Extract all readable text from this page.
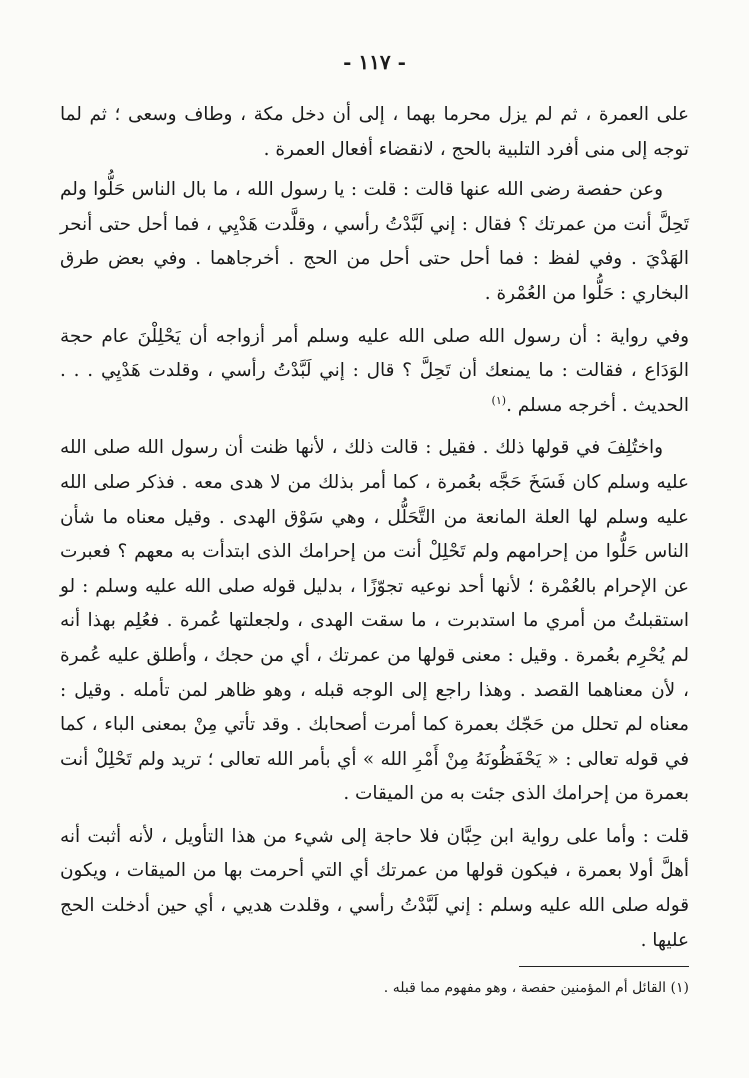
- ١١٧ -

على العمرة ، ثم لم يزل محرما بهما ، إلى أن دخل مكة ، وطاف وسعى ؛ ثم لما توجه إلى منى أفرد التلبية بالحج ، لانقضاء أفعال العمرة .

وعن حفصة رضى الله عنها قالت : قلت : يا رسول الله ، ما بال الناس حَلُّوا ولم تَحِلَّ أنت من عمرتك ؟ فقال : إني لَبَّدْتُ رأسي ، وقلَّدت هَدْيِي ، فما أحل حتى أنحر الهَدْيَ . وفي لفظ : فما أحل حتى أحل من الحج . أخرجاهما . وفي بعض طرق البخاري : حَلُّوا من العُمْرة .

وفي رواية : أن رسول الله صلى الله عليه وسلم أمر أزواجه أن يَحْلِلْنَ عام حجة الوَدَاع ، فقالت : ما يمنعك أن تَحِلَّ ؟ قال : إني لَبَّدْتُ رأسي ، وقلدت هَدْيِي . . . الحديث . أخرجه مسلم .$^{(١)}$

واختُلِفَ في قولها ذلك . فقيل : قالت ذلك ، لأنها ظنت أن رسول الله صلى الله عليه وسلم كان فَسَخَ حَجَّه بعُمرة ، كما أمر بذلك من لا هدى معه . فذكر صلى الله عليه وسلم لها العلة المانعة من التَّحَلُّل ، وهي سَوْق الهدى . وقيل معناه ما شأن الناس حَلُّوا من إحرامهم ولم تَحْلِلْ أنت من إحرامك الذى ابتدأت به معهم ؟ فعبرت عن الإحرام بالعُمْرة ؛ لأنها أحد نوعيه تجوّزًا ، بدليل قوله صلى الله عليه وسلم : لو استقبلتُ من أمري ما استدبرت ، ما سقت الهدى ، ولجعلتها عُمرة . فعُلِم بهذا أنه لم يُحْرِم بعُمرة . وقيل : معنى قولها من عمرتك ، أي من حجك ، وأطلق عليه عُمرة ، لأن معناهما القصد . وهذا راجع إلى الوجه قبله ، وهو ظاهر لمن تأمله . وقيل : معناه لم تحلل من حَجّك بعمرة كما أمرت أصحابك . وقد تأتي مِنْ بمعنى الباء ، كما في قوله تعالى : « يَحْفَظُونَهُ مِنْ أَمْرِ الله » أي بأمر الله تعالى ؛ تريد ولم تَحْلِلْ أنت بعمرة من إحرامك الذى جئت به من الميقات .

قلت : وأما على رواية ابن حِبَّان فلا حاجة إلى شيء من هذا التأويل ، لأنه أثبت أنه أهلَّ أولا بعمرة ، فيكون قولها من عمرتك أي التي أحرمت بها من الميقات ، ويكون قوله صلى الله عليه وسلم : إني لَبَّدْتُ رأسي ، وقلدت هديي ، أي حين أدخلت الحج عليها .

(١) القائل أم المؤمنين حفصة ، وهو مفهوم مما قبله .
